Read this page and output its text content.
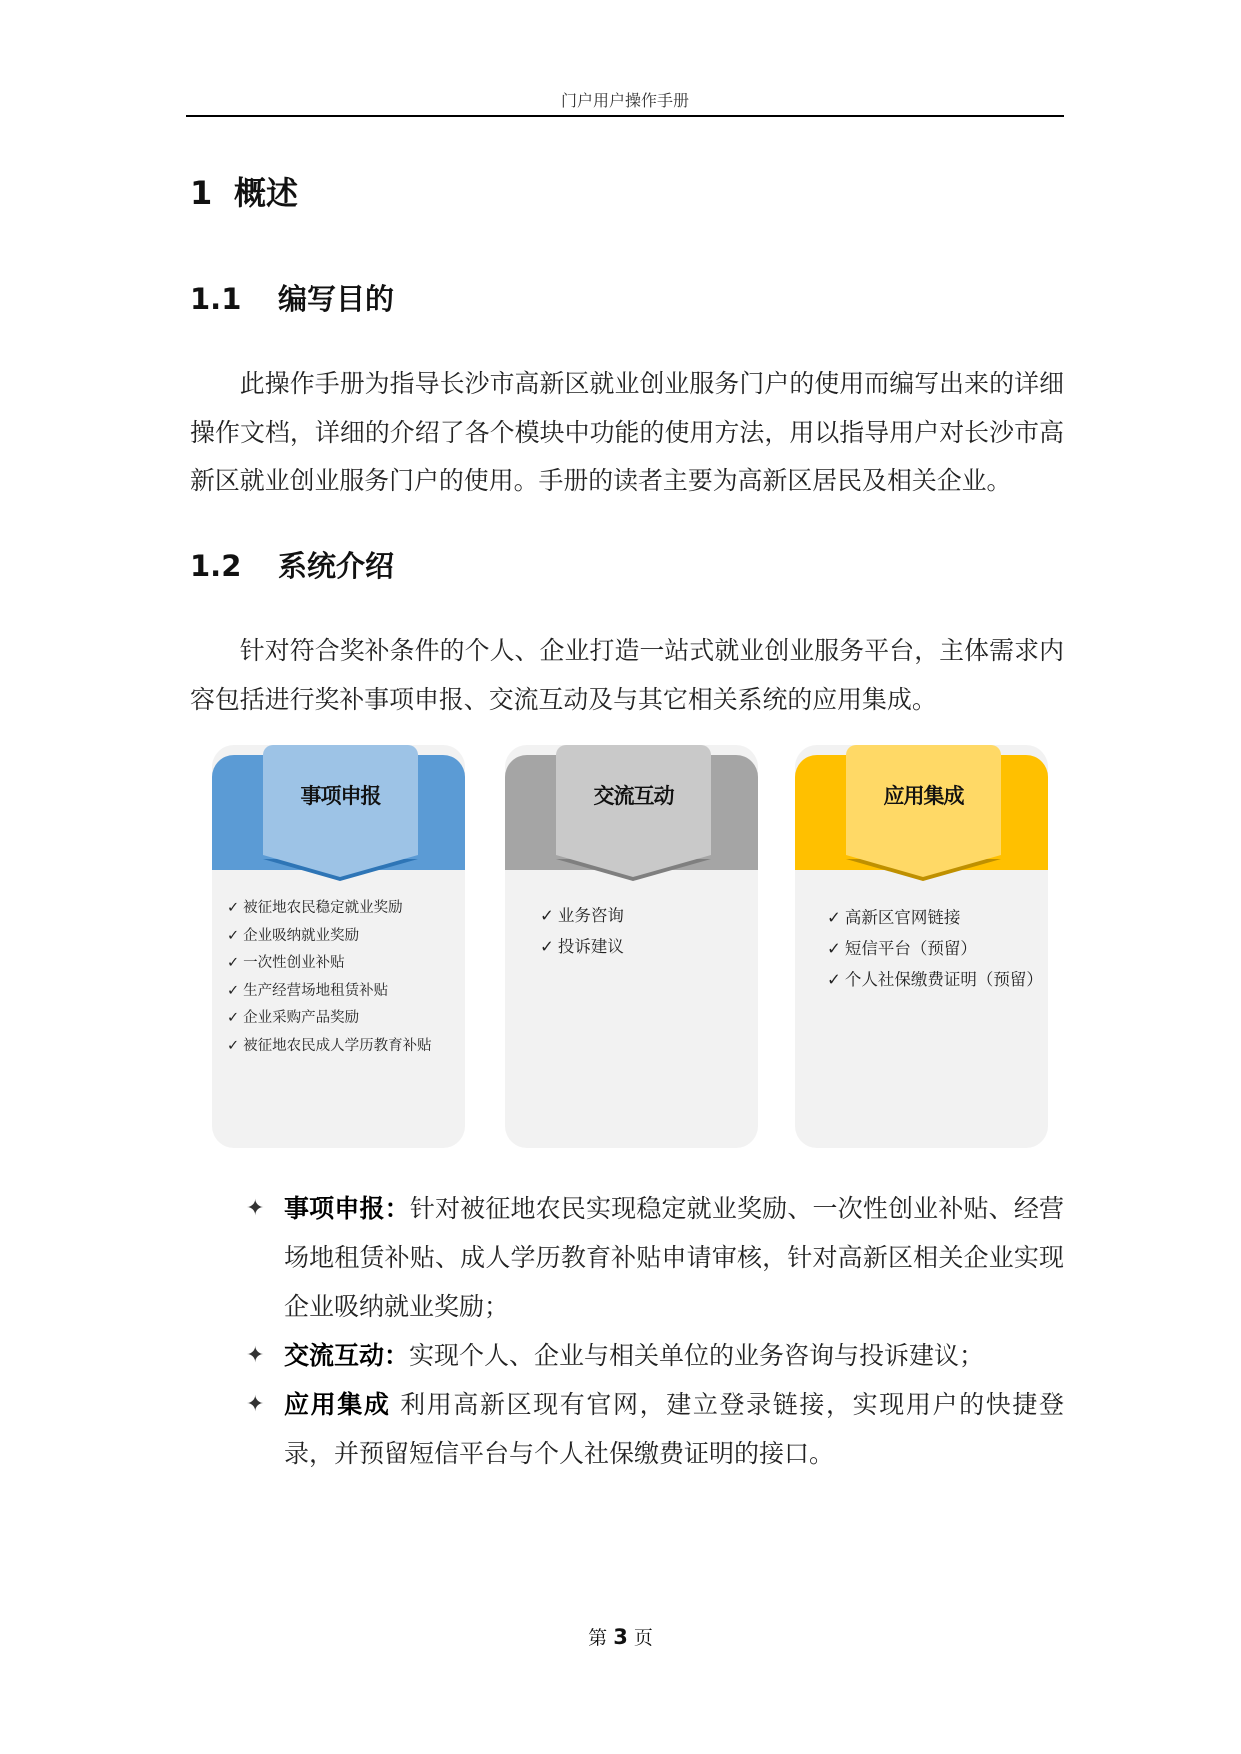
门户用户操作手册
1 概述
1.1 编写目的

此操作手册为指导长沙市高新区就业创业服务门户的使用而编写出来的详细操作文档，详细的介绍了各个模块中功能的使用方法，用以指导用户对长沙市高新区就业创业服务门户的使用。手册的读者主要为高新区居民及相关企业。

1.2 系统介绍

针对符合奖补条件的个人、企业打造一站式就业创业服务平台，主体需求内容包括进行奖补事项申报、交流互动及与其它相关系统的应用集成。

事项申报
✓ 被征地农民稳定就业奖励
✓ 企业吸纳就业奖励
✓ 一次性创业补贴
✓ 生产经营场地租赁补贴
✓ 企业采购产品奖励
✓ 被征地农民成人学历教育补贴
交流互动
✓ 业务咨询
✓ 投诉建议
应用集成
✓ 高新区官网链接
✓ 短信平台（预留）
✓ 个人社保缴费证明（预留）
✦ 事项申报：针对被征地农民实现稳定就业奖励、一次性创业补贴、经营场地租赁补贴、成人学历教育补贴申请审核，针对高新区相关企业实现企业吸纳就业奖励；
✦ 交流互动：实现个人、企业与相关单位的业务咨询与投诉建议；
✦ 应用集成 利用高新区现有官网，建立登录链接，实现用户的快捷登录，并预留短信平台与个人社保缴费证明的接口。
第 3 页
